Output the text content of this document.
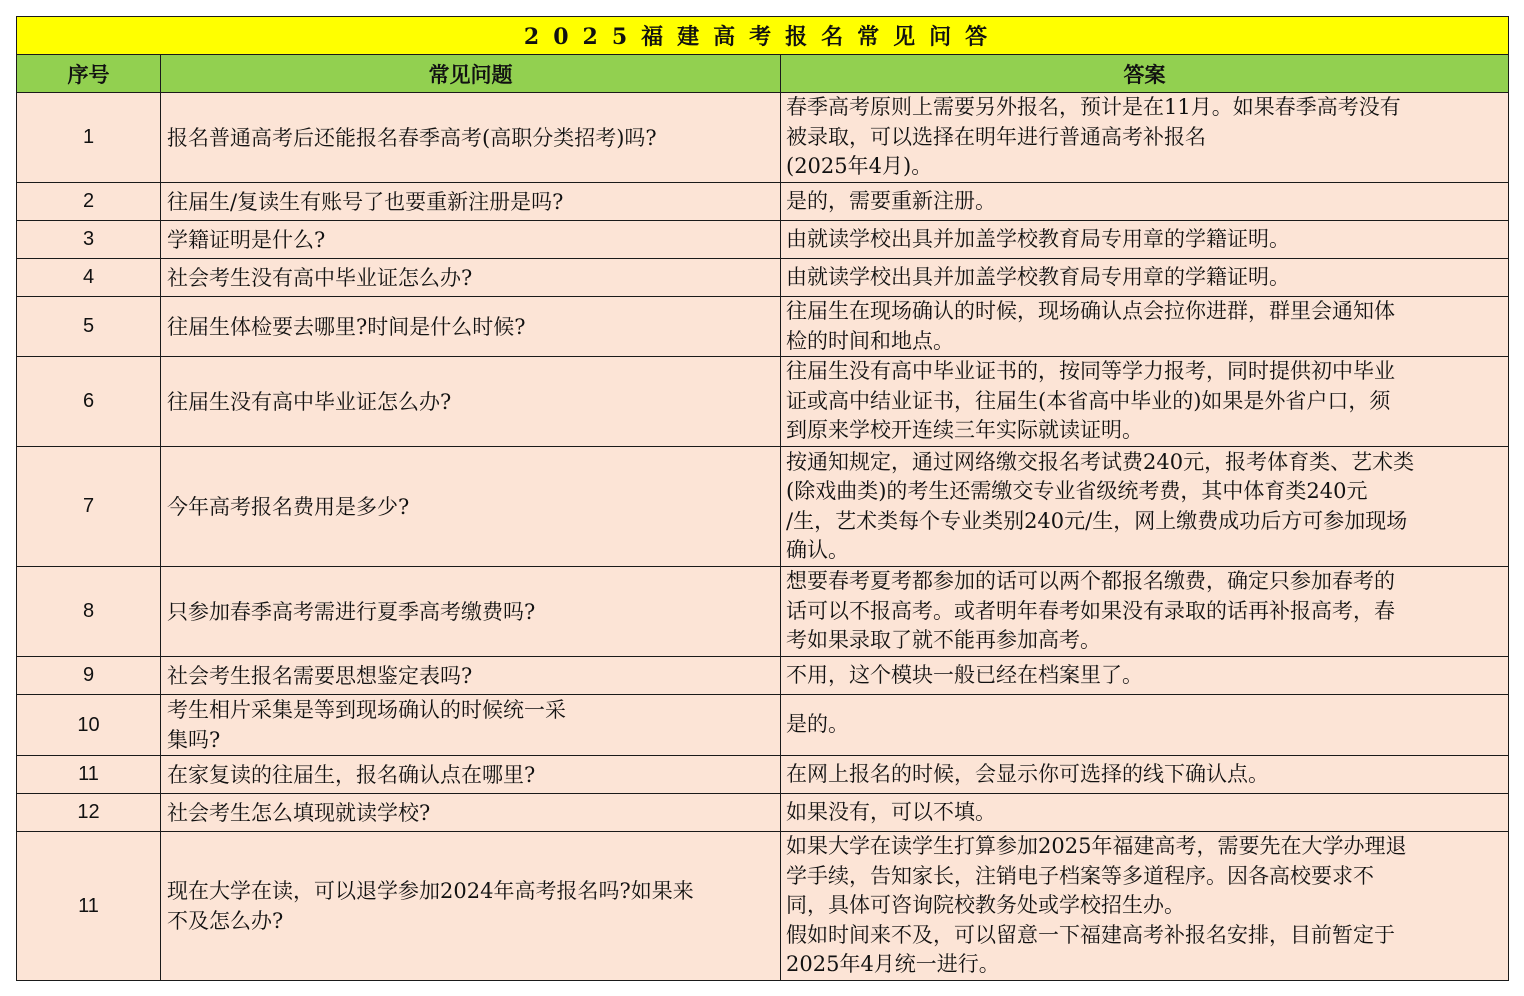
2025福建高考报名常见问答		
序号	常见问题	答案
1	报名普通高考后还能报名春季高考(高职分类招考)吗?	春季高考原则上需要另外报名，预计是在11月。如果春季高考没有
被录取，可以选择在明年进行普通高考补报名
(2025年4月)。
2	往届生/复读生有账号了也要重新注册是吗?	是的，需要重新注册。
3	学籍证明是什么?	由就读学校出具并加盖学校教育局专用章的学籍证明。
4	社会考生没有高中毕业证怎么办?	由就读学校出具并加盖学校教育局专用章的学籍证明。
5	往届生体检要去哪里?时间是什么时候?	往届生在现场确认的时候，现场确认点会拉你进群，群里会通知体
检的时间和地点。
6	往届生没有高中毕业证怎么办?	往届生没有高中毕业证书的，按同等学力报考，同时提供初中毕业
证或高中结业证书，往届生(本省高中毕业的)如果是外省户口，须
到原来学校开连续三年实际就读证明。
7	今年高考报名费用是多少?	按通知规定，通过网络缴交报名考试费240元，报考体育类、艺术类
(除戏曲类)的考生还需缴交专业省级统考费，其中体育类240元
/生，艺术类每个专业类别240元/生，网上缴费成功后方可参加现场
确认。
8	只参加春季高考需进行夏季高考缴费吗?	想要春考夏考都参加的话可以两个都报名缴费，确定只参加春考的
话可以不报高考。或者明年春考如果没有录取的话再补报高考，春
考如果录取了就不能再参加高考。
9	社会考生报名需要思想鉴定表吗?	不用，这个模块一般已经在档案里了。
10	考生相片采集是等到现场确认的时候统一采
集吗?	是的。
11	在家复读的往届生，报名确认点在哪里?	在网上报名的时候，会显示你可选择的线下确认点。
12	社会考生怎么填现就读学校?	如果没有，可以不填。
11	现在大学在读，可以退学参加2024年高考报名吗?如果来
不及怎么办?	如果大学在读学生打算参加2025年福建高考，需要先在大学办理退
学手续，告知家长，注销电子档案等多道程序。因各高校要求不
同，具体可咨询院校教务处或学校招生办。
假如时间来不及，可以留意一下福建高考补报名安排，目前暂定于
2025年4月统一进行。
